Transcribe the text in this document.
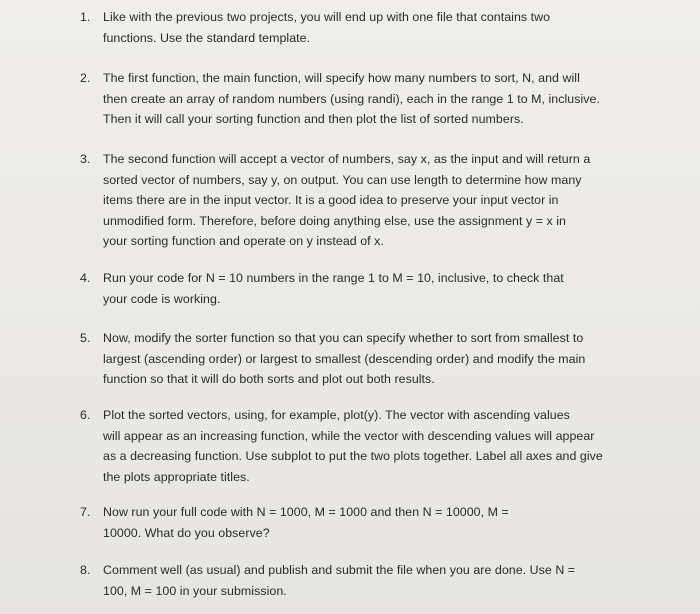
1.	Like with the previous two projects, you will end up with one file that contains two
functions. Use the standard template.
2.	The first function, the main function, will specify how many numbers to sort, N, and will
then create an array of random numbers (using randi), each in the range 1 to M, inclusive.
Then it will call your sorting function and then plot the list of sorted numbers.
3.	The second function will accept a vector of numbers, say x, as the input and will return a
sorted vector of numbers, say y, on output. You can use length to determine how many
items there are in the input vector. It is a good idea to preserve your input vector in
unmodified form. Therefore, before doing anything else, use the assignment y = x in
your sorting function and operate on y instead of x.
4.	Run your code for N = 10 numbers in the range 1 to M = 10, inclusive, to check that
your code is working.
5.	Now, modify the sorter function so that you can specify whether to sort from smallest to
largest (ascending order) or largest to smallest (descending order) and modify the main
function so that it will do both sorts and plot out both results.
6.	Plot the sorted vectors, using, for example, plot(y). The vector with ascending values
will appear as an increasing function, while the vector with descending values will appear
as a decreasing function. Use subplot to put the two plots together. Label all axes and give
the plots appropriate titles.
7.	Now run your full code with N = 1000, M = 1000 and then N = 10000, M =
10000. What do you observe?
8.	Comment well (as usual) and publish and submit the file when you are done. Use N =
100, M = 100 in your submission.
